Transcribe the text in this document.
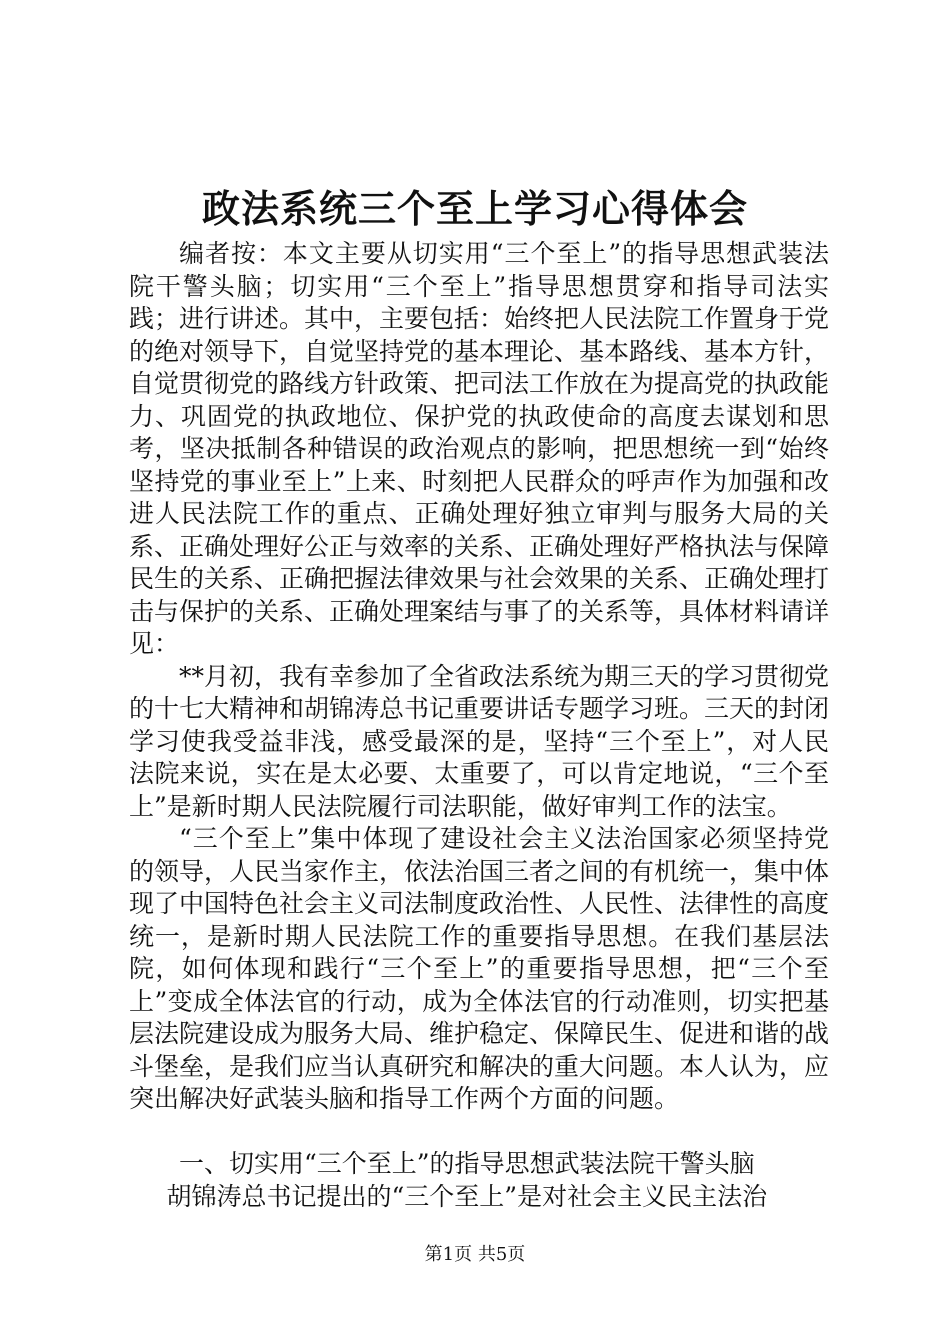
政法系统三个至上学习心得体会

编者按：本文主要从切实用“三个至上”的指导思想武装法院干警头脑；切实用“三个至上”指导思想贯穿和指导司法实践；进行讲述。其中，主要包括：始终把人民法院工作置身于党的绝对领导下，自觉坚持党的基本理论、基本路线、基本方针，自觉贯彻党的路线方针政策、把司法工作放在为提高党的执政能力、巩固党的执政地位、保护党的执政使命的高度去谋划和思考，坚决抵制各种错误的政治观点的影响，把思想统一到“始终坚持党的事业至上”上来、时刻把人民群众的呼声作为加强和改进人民法院工作的重点、正确处理好独立审判与服务大局的关系、正确处理好公正与效率的关系、正确处理好严格执法与保障民生的关系、正确把握法律效果与社会效果的关系、正确处理打击与保护的关系、正确处理案结与事了的关系等，具体材料请详见：

**月初，我有幸参加了全省政法系统为期三天的学习贯彻党的十七大精神和胡锦涛总书记重要讲话专题学习班。三天的封闭学习使我受益非浅，感受最深的是，坚持“三个至上”，对人民法院来说，实在是太必要、太重要了，可以肯定地说，“三个至上”是新时期人民法院履行司法职能，做好审判工作的法宝。

“三个至上”集中体现了建设社会主义法治国家必须坚持党的领导，人民当家作主，依法治国三者之间的有机统一，集中体现了中国特色社会主义司法制度政治性、人民性、法律性的高度统一，是新时期人民法院工作的重要指导思想。在我们基层法院，如何体现和践行“三个至上”的重要指导思想，把“三个至上”变成全体法官的行动，成为全体法官的行动准则，切实把基层法院建设成为服务大局、维护稳定、保障民生、促进和谐的战斗堡垒，是我们应当认真研究和解决的重大问题。本人认为，应突出解决好武装头脑和指导工作两个方面的问题。

一、切实用“三个至上”的指导思想武装法院干警头脑

胡锦涛总书记提出的“三个至上”是对社会主义民主法治

第1页 共5页
